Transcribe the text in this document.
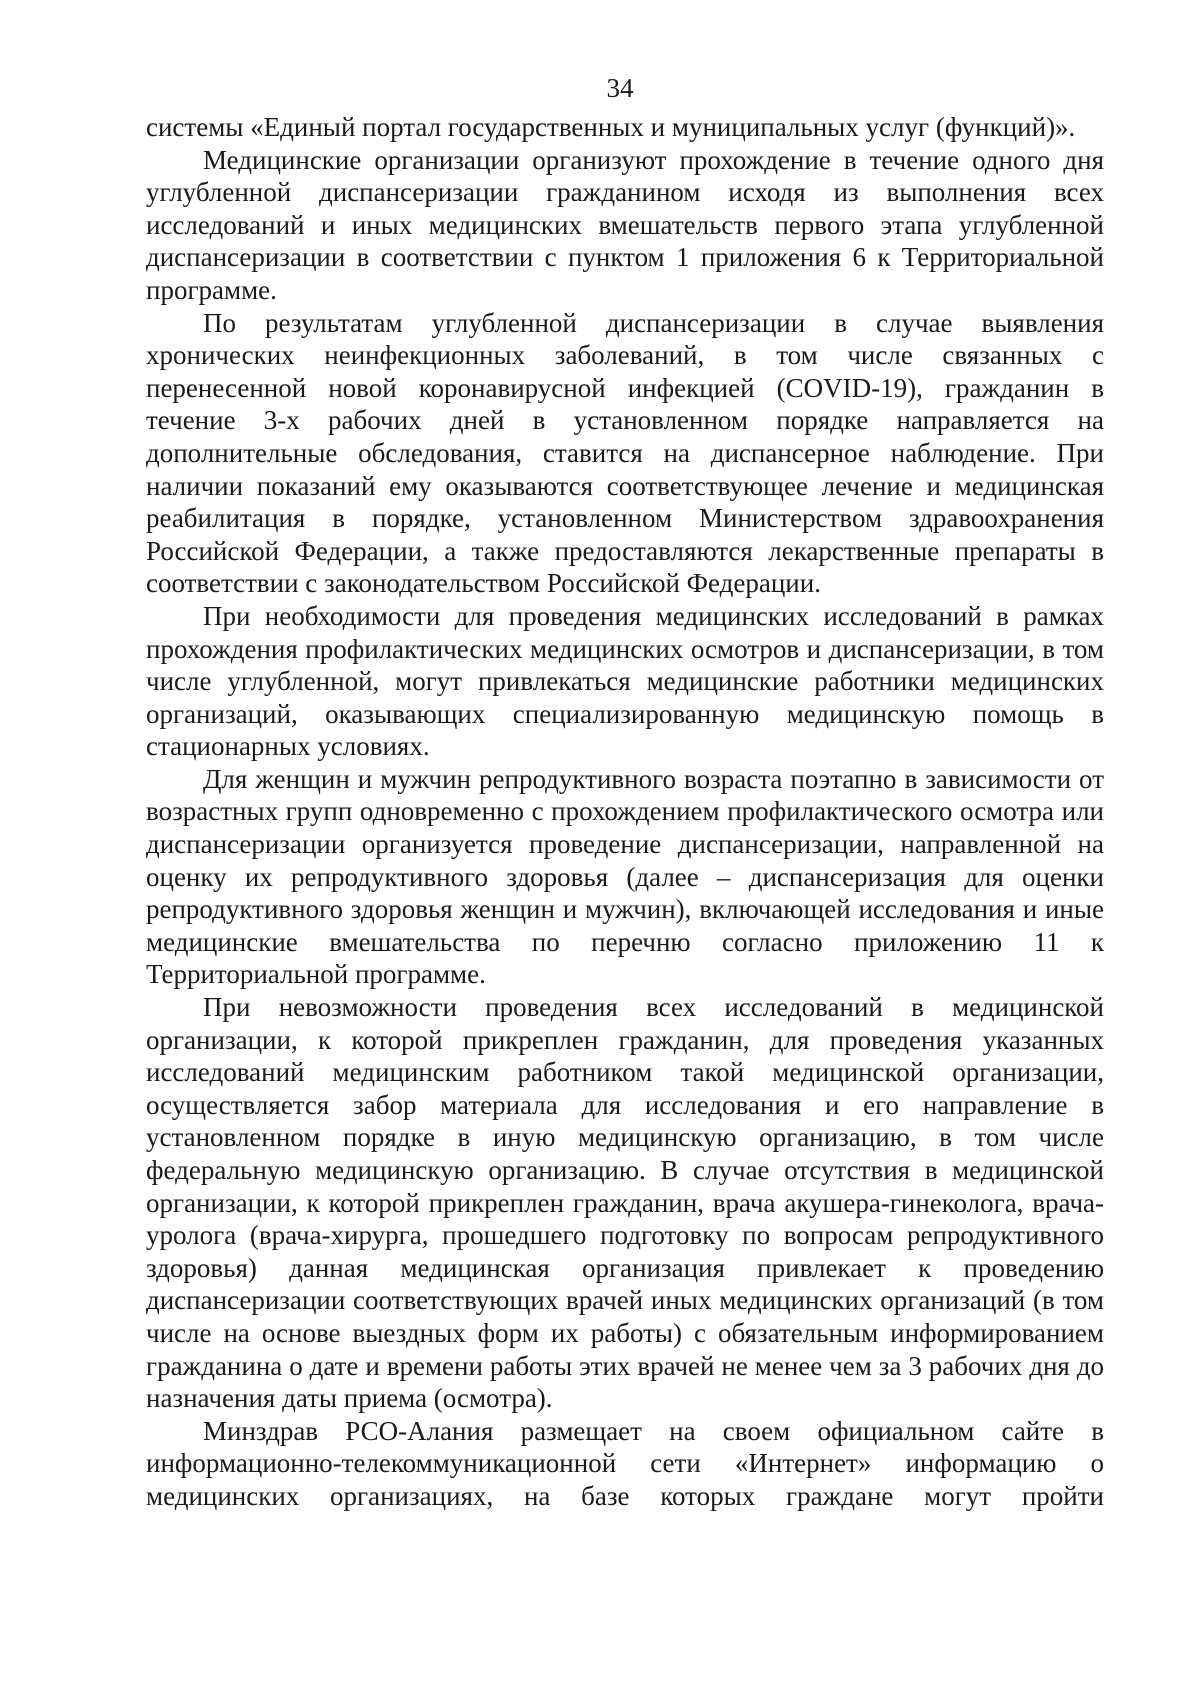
34

системы «Единый портал государственных и муниципальных услуг (функций)».

Медицинские организации организуют прохождение в течение одного дня углубленной диспансеризации гражданином исходя из выполнения всех исследований и иных медицинских вмешательств первого этапа углубленной диспансеризации в соответствии с пунктом 1 приложения 6 к Территориальной программе.

По результатам углубленной диспансеризации в случае выявления хронических неинфекционных заболеваний, в том числе связанных с перенесенной новой коронавирусной инфекцией (COVID-19), гражданин в течение 3-х рабочих дней в установленном порядке направляется на дополнительные обследования, ставится на диспансерное наблюдение. При наличии показаний ему оказываются соответствующее лечение и медицинская реабилитация в порядке, установленном Министерством здравоохранения Российской Федерации, а также предоставляются лекарственные препараты в соответствии с законодательством Российской Федерации.

При необходимости для проведения медицинских исследований в рамках прохождения профилактических медицинских осмотров и диспансеризации, в том числе углубленной, могут привлекаться медицинские работники медицинских организаций, оказывающих специализированную медицинскую помощь в стационарных условиях.

Для женщин и мужчин репродуктивного возраста поэтапно в зависимости от возрастных групп одновременно с прохождением профилактического осмотра или диспансеризации организуется проведение диспансеризации, направленной на оценку их репродуктивного здоровья (далее – диспансеризация для оценки репродуктивного здоровья женщин и мужчин), включающей исследования и иные медицинские вмешательства по перечню согласно приложению 11 к Территориальной программе.

При невозможности проведения всех исследований в медицинской организации, к которой прикреплен гражданин, для проведения указанных исследований медицинским работником такой медицинской организации, осуществляется забор материала для исследования и его направление в установленном порядке в иную медицинскую организацию, в том числе федеральную медицинскую организацию. В случае отсутствия в медицинской организации, к которой прикреплен гражданин, врача акушера-гинеколога, врача-уролога (врача-хирурга, прошедшего подготовку по вопросам репродуктивного здоровья) данная медицинская организация привлекает к проведению диспансеризации соответствующих врачей иных медицинских организаций (в том числе на основе выездных форм их работы) с обязательным информированием гражданина о дате и времени работы этих врачей не менее чем за 3 рабочих дня до назначения даты приема (осмотра).

Минздрав РСО-Алания размещает на своем официальном сайте в информационно-телекоммуникационной сети «Интернет» информацию о медицинских организациях, на базе которых граждане могут пройти
